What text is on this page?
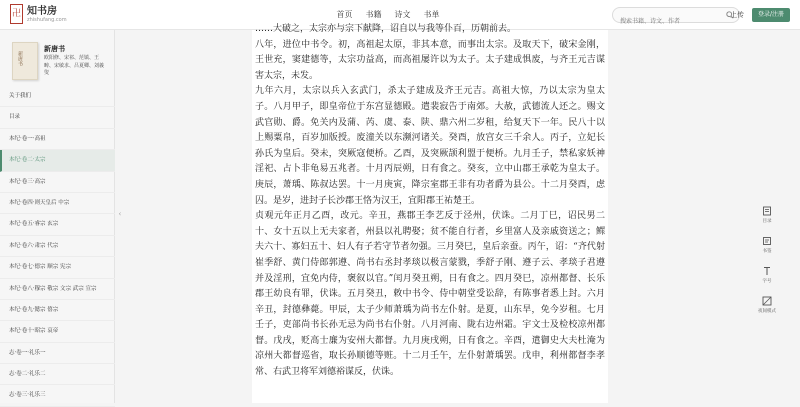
卍 知书房
zhishufang.com
首页	书籍	诗文	书单
搜索书籍、诗文、作者	上传	登录/注册
新唐书
新唐书
欧阳修、宋祁、范镇、王畴、宋敏求、吕夏卿、刘羲叟
关于我们
目录
本纪·卷一·高祖
本纪·卷二·太宗
本纪·卷三·高宗
本纪·卷四·则天皇后 中宗
本纪·卷五·睿宗 玄宗
本纪·卷六·肃宗 代宗
本纪·卷七·德宗 顺宗 宪宗
本纪·卷八·穆宗 敬宗 文宗 武宗 宣宗
本纪·卷九·懿宗 僖宗
本纪·卷十·昭宗 哀帝
志·卷一·礼乐一
志·卷二·礼乐二
志·卷三·礼乐三
‹

……大破之，太宗亦与宗下献降，诏自以与我等仆百，历朝前去。

八年，进位中书令。初，高祖起太原，非其本意，而事出太宗。及取天下，破宋金刚，王世充，窦建德等，太宗功益高，而高祖屡许以为太子。太子建成惧废，与齐王元吉谋害太宗，未发。

九年六月，太宗以兵入玄武门，杀太子建成及齐王元吉。高祖大惊，乃以太宗为皇太子。八月甲子，即皇帝位于东宫显德殿。遣裴寂告于南郊。大赦，武德流人还之。赐文武官勋、爵。免关内及蒲、芮、虞、泰、陕、鼎六州二岁租，给复天下一年。民八十以上赐粟帛，百岁加版授。废潼关以东濒河诸关。癸酉，放宫女三千余人。丙子，立妃长孙氏为皇后。癸未，突厥寇便桥。乙酉，及突厥颉利盟于便桥。九月壬子，禁私家妖神淫祀、占卜非龟易五兆者。十月丙辰朔，日有食之。癸亥，立中山郡王承乾为皇太子。庚辰，萧瑀、陈叔达罢。十一月庚寅，降宗室郡王非有功者爵为县公。十二月癸酉，虑囚。是岁，进封子长沙郡王恪为汉王，宜阳郡王祐楚王。

贞观元年正月乙酉，改元。辛丑，燕郡王李艺反于泾州，伏诛。二月丁巳，诏民男二十、女十五以上无夫家者，州县以礼聘娶；贫不能自行者，乡里富人及亲戚资送之；鳏夫六十、寡妇五十、妇人有子若守节者勿强。三月癸巳，皇后亲蚕。丙午，诏：“齐代射崔季舒、黄门侍郎郭遵、尚书右丞封孝琰以极言蒙戮，季舒子刚、遵子云、孝琰子君遵并及淫刑，宜免内侍，褒叙以官。”闰月癸丑朔，日有食之。四月癸巳，凉州都督、长乐郡王幼良有罪，伏诛。五月癸丑，敕中书令、侍中朝堂受讼辞，有陈事者悉上封。六月辛丑，封德彝薨。甲辰，太子少师萧瑀为尚书左仆射。是夏，山东旱，免今岁租。七月壬子，吏部尚书长孙无忌为尚书右仆射。八月河南、陇右边州霜。宇文士及检校凉州都督。戊戌，贬高士廉为安州大都督。九月庚戌朔，日有食之。辛酉，遣御史大夫杜淹为凉州大都督巡省，取长孙顺德等赃。十二月壬午，左仆射萧瑀罢。戊申，利州都督李孝常、右武卫将军刘德裕谋反，伏诛。

目录
书签
字号
夜间模式
